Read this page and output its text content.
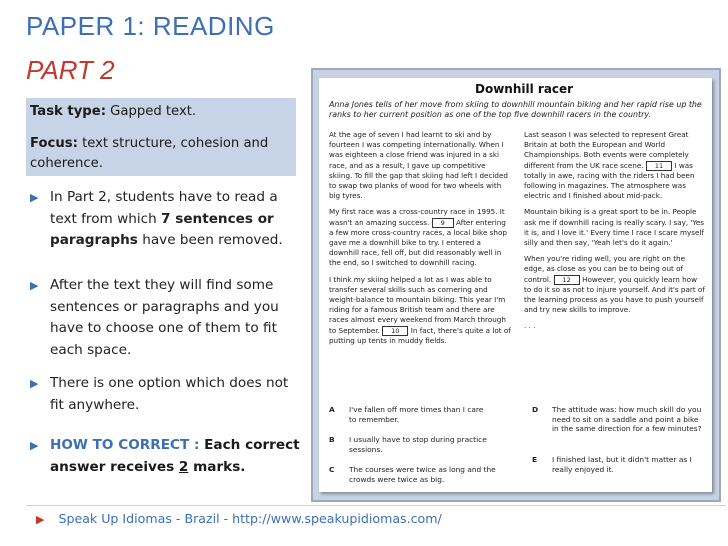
PAPER 1: READING
PART 2

Task type: Gapped text.

Focus: text structure, cohesion and coherence.

▶ In Part 2, students have to read a text from which 7 sentences or paragraphs have been removed.
▶ After the text they will find some sentences or paragraphs and you have to choose one of them to fit each space.
▶ There is one option which does not fit anywhere.
▶ HOW TO CORRECT : Each correct answer receives 2 marks.
Downhill racer
Anna Jones tells of her move from skiing to downhill mountain biking and her rapid rise up the ranks to her current position as one of the top five downhill racers in the country.

At the age of seven I had learnt to ski and by fourteen I was competing internationally. When I was eighteen a close friend was injured in a ski race, and as a result, I gave up competitive skiing. To fill the gap that skiing had left I decided to swap two planks of wood for two wheels with big tyres.

My first race was a cross-country race in 1995. It wasn't an amazing success. 9 After entering a few more cross-country races, a local bike shop gave me a downhill bike to try. I entered a downhill race, fell off, but did reasonably well in the end, so I switched to downhill racing.

I think my skiing helped a lot as I was able to transfer several skills such as cornering and weight-balance to mountain biking. This year I'm riding for a famous British team and there are races almost every weekend from March through to September. 10 In fact, there's quite a lot of putting up tents in muddy fields.

Last season I was selected to represent Great Britain at both the European and World Championships. Both events were completely different from the UK race scene. 11 I was totally in awe, racing with the riders I had been following in magazines. The atmosphere was electric and I finished about mid-pack.

Mountain biking is a great sport to be in. People ask me if downhill racing is really scary. I say, 'Yes it is, and I love it.' Every time I race I scare myself silly and then say, 'Yeah let's do it again.'

When you're riding well, you are right on the edge, as close as you can be to being out of control. 12 However, you quickly learn how to do it so as not to injure yourself. And it's part of the learning process as you have to push yourself and try new skills to improve.

. . .

A I've fallen off more times than I care to remember.
B I usually have to stop during practice sessions.
C The courses were twice as long and the crowds were twice as big.
D The attitude was: how much skill do you need to sit on a saddle and point a bike in the same direction for a few minutes?
E I finished last, but it didn't matter as I really enjoyed it.
▶ Speak Up Idiomas - Brazil - http://www.speakupidiomas.com/
